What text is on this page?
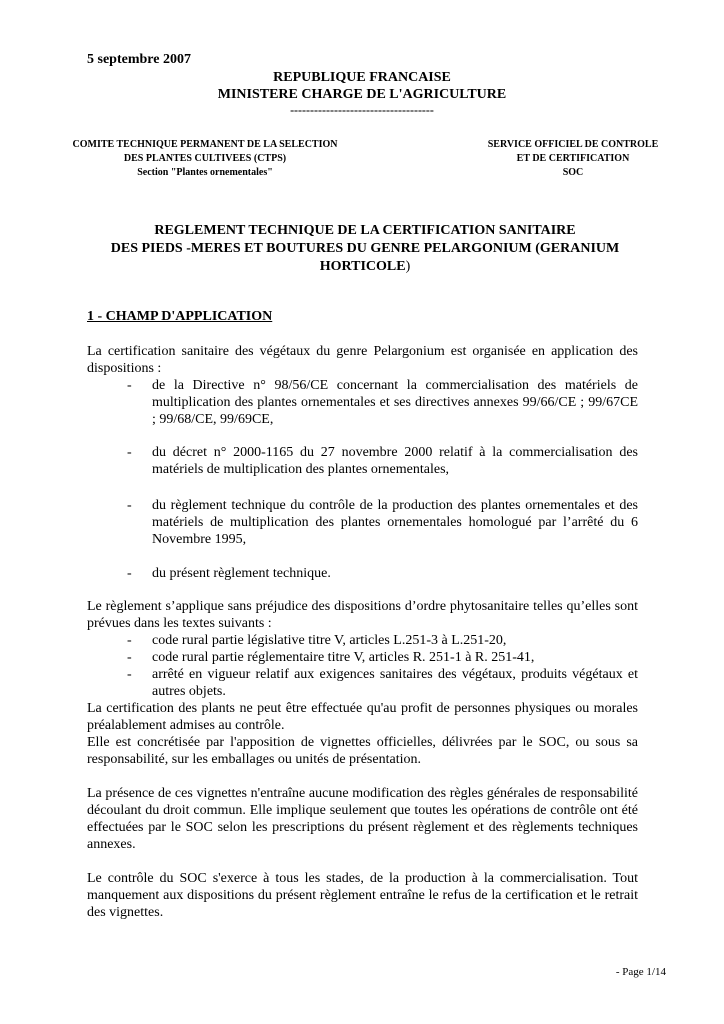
5 septembre 2007
REPUBLIQUE FRANCAISE
MINISTERE CHARGE DE L'AGRICULTURE
------------------------------------
COMITE TECHNIQUE PERMANENT DE LA SELECTION
DES PLANTES CULTIVEES (CTPS)
Section "Plantes ornementales"
SERVICE OFFICIEL DE CONTROLE
ET DE CERTIFICATION
SOC
REGLEMENT TECHNIQUE DE LA CERTIFICATION SANITAIRE
DES PIEDS -MERES ET BOUTURES DU GENRE PELARGONIUM (GERANIUM
HORTICOLE)
1 - CHAMP D'APPLICATION
La certification sanitaire des végétaux du genre Pelargonium est organisée en application des dispositions :
- de la Directive n° 98/56/CE concernant la commercialisation des matériels de multiplication des plantes ornementales et ses directives annexes 99/66/CE ; 99/67CE ; 99/68/CE, 99/69CE,
- du décret n° 2000-1165 du 27 novembre 2000 relatif à la commercialisation des matériels de multiplication des plantes ornementales,
- du règlement technique du contrôle de la production des plantes ornementales et des matériels de multiplication des plantes ornementales homologué par l’arrêté du 6 Novembre 1995,
- du présent règlement technique.
Le règlement s’applique sans préjudice des dispositions d’ordre phytosanitaire telles qu’elles sont prévues dans les textes suivants :
- code rural partie législative titre V, articles L.251-3 à L.251-20,
- code rural partie réglementaire titre V, articles R. 251-1 à R. 251-41,
- arrêté en vigueur relatif aux exigences sanitaires des végétaux, produits végétaux et autres objets.
La certification des plants ne peut être effectuée qu'au profit de personnes physiques ou morales préalablement admises au contrôle.
Elle est concrétisée par l'apposition de vignettes officielles, délivrées par le SOC, ou sous sa responsabilité, sur les emballages ou unités de présentation.
La présence de ces vignettes n'entraîne aucune modification des règles générales de responsabilité découlant du droit commun. Elle implique seulement que toutes les opérations de contrôle ont été effectuées par le SOC selon les prescriptions du présent règlement et des règlements techniques annexes.
Le contrôle du SOC s'exerce à tous les stades, de la production à la commercialisation. Tout manquement aux dispositions du présent règlement entraîne le refus de la certification et le retrait des vignettes.
- Page 1/14
